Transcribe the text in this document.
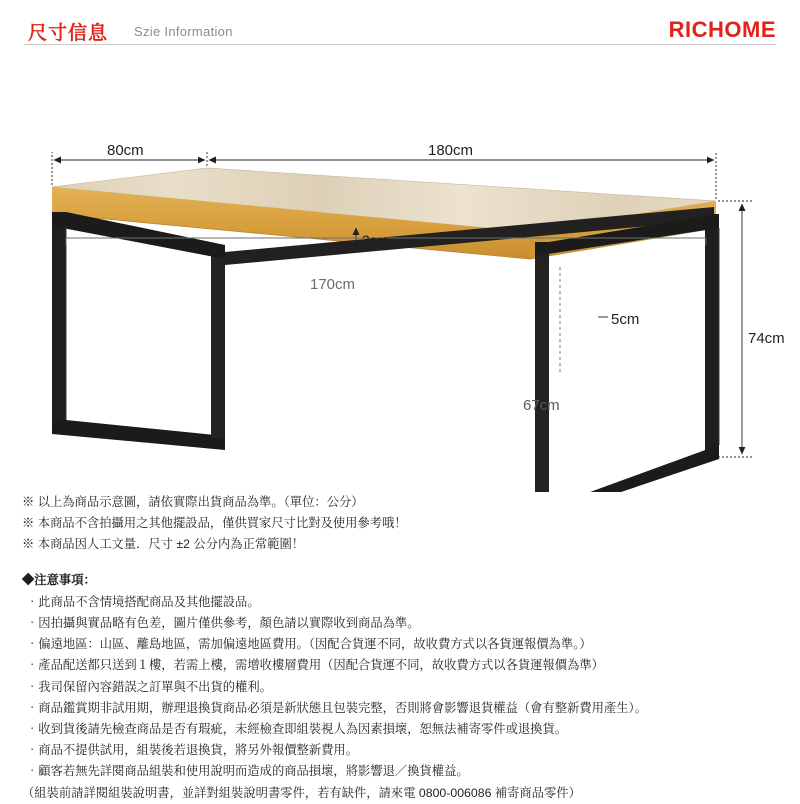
尺寸信息 Szie Information	RICHOME
80cm	180cm
3cm
170cm
5cm
67cm
74cm
※ 以上為商品示意圖，請依實際出貨商品為準。（單位：公分）
※ 本商品不含拍攝用之其他擺設品，僅供買家尺寸比對及使用參考哦！
※ 本商品因人工文量．尺寸 ±2 公分内為正常範圍！
◆注意事項：
‧此商品不含情境搭配商品及其他擺設品。
‧因拍攝與實品略有色差，圖片僅供參考，顏色請以實際收到商品為準。
‧偏遠地區：山區、離島地區，需加偏遠地區費用。（因配合貨運不同，故收費方式以各貨運報價為準。）
‧產品配送都只送到１樓，若需上樓，需增收樓層費用（因配合貨運不同，故收費方式以各貨運報價為準）
‧我司保留內容錯誤之訂單與不出貨的權利。
‧商品鑑賞期非試用期，辦理退換貨商品必須是新狀態且包裝完整，否則將會影響退貨權益（會有整新費用產生）。
‧收到貨後請先檢查商品是否有瑕疵，未經檢查即組裝視人為因素損壞，恕無法補寄零件或退換貨。
‧商品不提供試用，組裝後若退換貨，將另外報價整新費用。
‧顧客若無先詳閱商品組裝和使用說明而造成的商品損壞，將影響退／換貨權益。
（組裝前請詳閱組裝說明書，並詳對組裝說明書零件，若有缺件，請來電 0800-006086 補寄商品零件）
